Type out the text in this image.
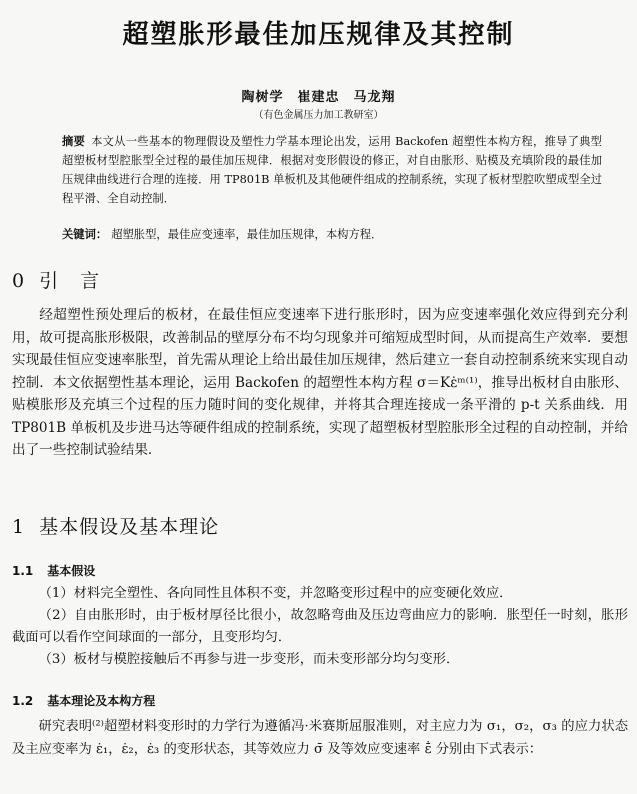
超塑胀形最佳加压规律及其控制
陶树学　崔建忠　马龙翔
（有色金属压力加工教研室）
摘要 本文从一些基本的物理假设及塑性力学基本理论出发，运用 Backofen 超塑性本构方程，推导了典型超塑板材型腔胀型全过程的最佳加压规律．根据对变形假设的修正，对自由胀形、贴模及充填阶段的最佳加压规律曲线进行合理的连接．用 TP801B 单板机及其他硬件组成的控制系统，实现了板材型腔吹塑成型全过程平滑、全自动控制．
关键词： 超塑胀型，最佳应变速率，最佳加压规律，本构方程．
0 引言

经超塑性预处理后的板材，在最佳恒应变速率下进行胀形时，因为应变速率强化效应得到充分利用，故可提高胀形极限，改善制品的壁厚分布不均匀现象并可缩短成型时间，从而提高生产效率．要想实现最佳恒应变速率胀型，首先需从理论上给出最佳加压规律，然后建立一套自动控制系统来实现自动控制．本文依据塑性基本理论，运用 Backofen 的超塑性本构方程 σ＝Kε̇ᵐ⁽¹⁾，推导出板材自由胀形、贴模胀形及充填三个过程的压力随时间的变化规律，并将其合理连接成一条平滑的 p-t 关系曲线．用 TP801B 单板机及步进马达等硬件组成的控制系统，实现了超塑板材型腔胀形全过程的自动控制，并给出了一些控制试验结果．

1 基本假设及基本理论
1.1 基本假设

（1）材料完全塑性、各向同性且体积不变，并忽略变形过程中的应变硬化效应．

（2）自由胀形时，由于板材厚径比很小，故忽略弯曲及压边弯曲应力的影响．胀型任一时刻，胀形截面可以看作空间球面的一部分，且变形均匀．

（3）板材与模腔接触后不再参与进一步变形，而未变形部分均匀变形．

1.2 基本理论及本构方程

研究表明⁽²⁾超塑材料变形时的力学行为遵循冯·米赛斯屈服准则，对主应力为 σ₁，σ₂，σ₃ 的应力状态及主应变率为 ε̇₁，ε̇₂，ε̇₃ 的变形状态，其等效应力 σ̄ 及等效应变速率 ε̄̇ 分别由下式表示：
